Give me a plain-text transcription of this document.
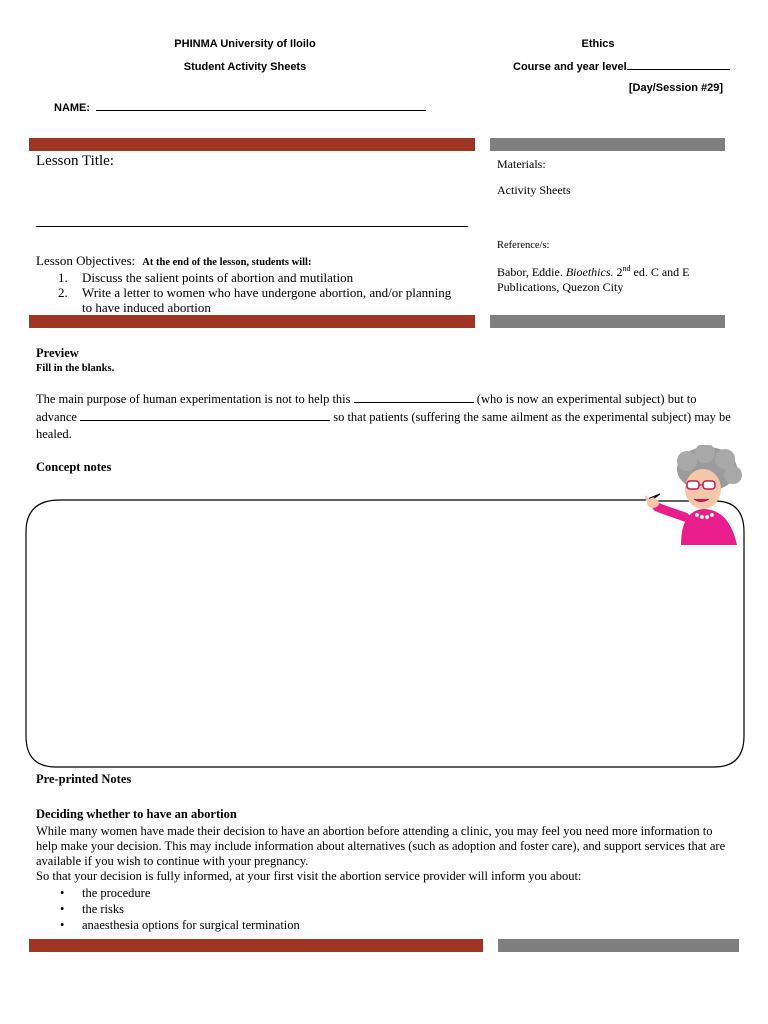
PHINMA University of Iloilo
Student Activity Sheets
Ethics
Course and year level
[Day/Session #29]
NAME:
Lesson Title:
Lesson Objectives: At the end of the lesson, students will:
1. Discuss the salient points of abortion and mutilation
2. Write a letter to women who have undergone abortion, and/or planning to have induced abortion
Materials:
Activity Sheets
Reference/s:
Babor, Eddie. Bioethics. 2nd ed. C and E Publications, Quezon City
Preview
Fill in the blanks.
The main purpose of human experimentation is not to help this	(who is now an experimental subject) but to advance	so that patients (suffering the same ailment as the experimental subject) may be healed.
Concept notes
Pre-printed Notes
Deciding whether to have an abortion
While many women have made their decision to have an abortion before attending a clinic, you may feel you need more information to help make your decision. This may include information about alternatives (such as adoption and foster care), and support services that are available if you wish to continue with your pregnancy.
So that your decision is fully informed, at your first visit the abortion service provider will inform you about:
• the procedure
• the risks
• anaesthesia options for surgical termination
